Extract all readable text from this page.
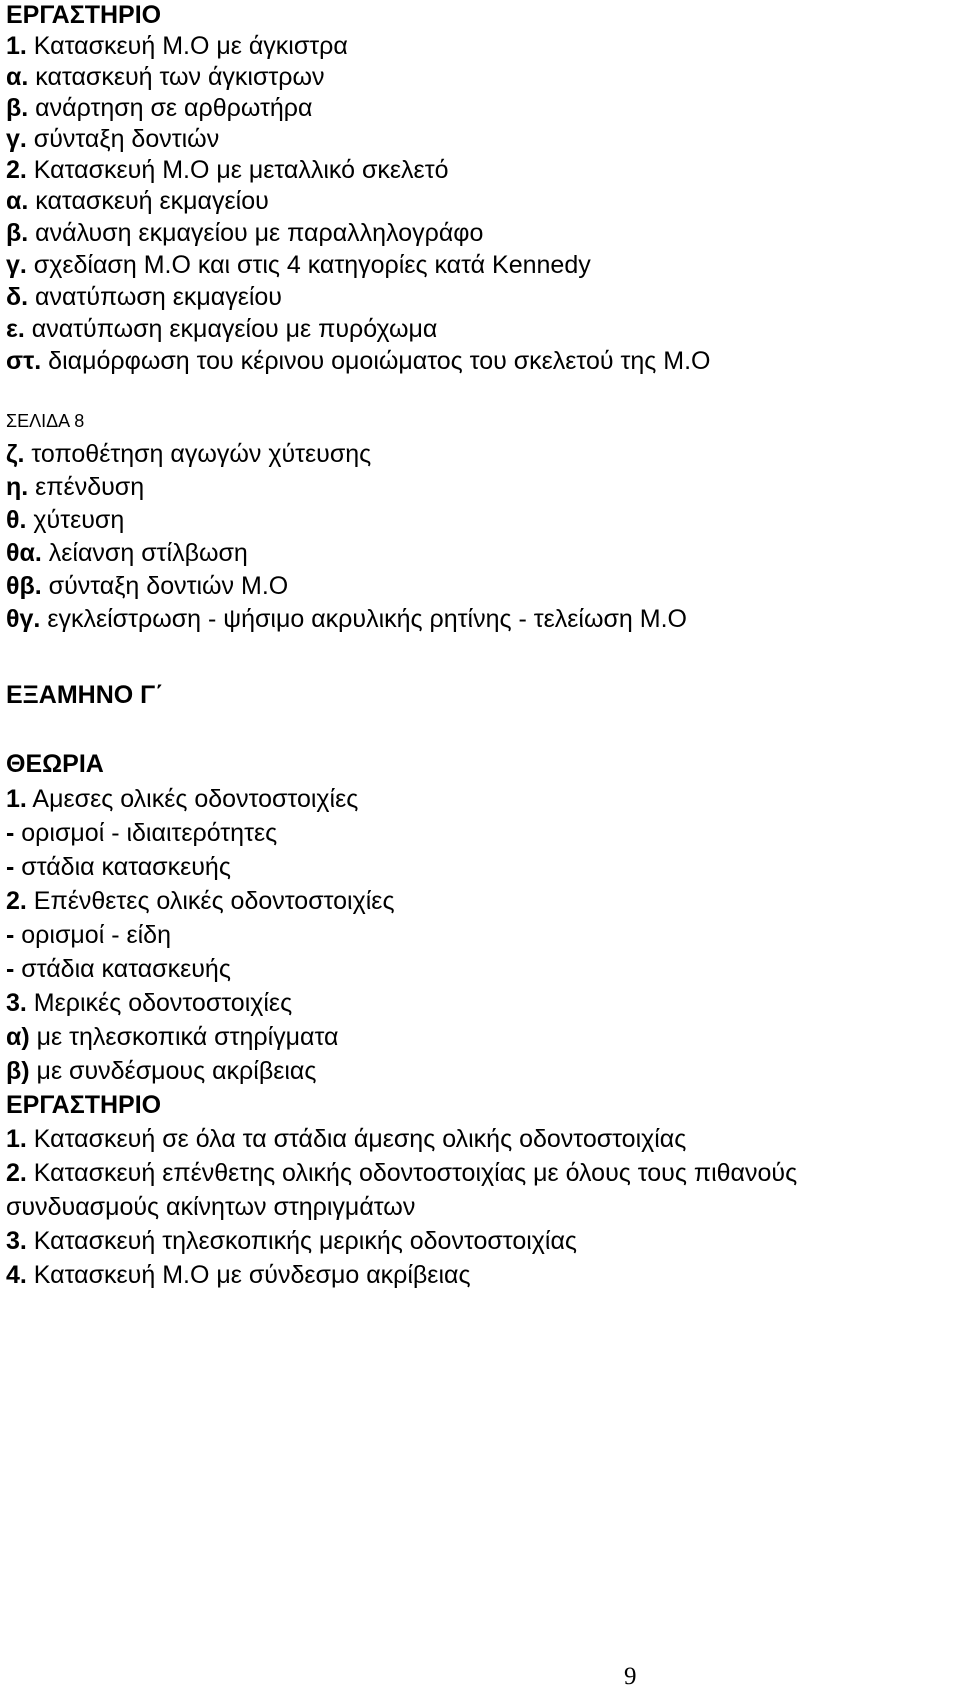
ΕΡΓΑΣΤΗΡΙΟ
1. Κατασκευή Μ.Ο με άγκιστρα
α. κατασκευή των άγκιστρων
β. ανάρτηση σε αρθρωτήρα
γ. σύνταξη δοντιών
2. Κατασκευή Μ.Ο με μεταλλικό σκελετό
α. κατασκευή εκμαγείου
β. ανάλυση εκμαγείου με παραλληλογράφο
γ. σχεδίαση Μ.Ο και στις 4 κατηγορίες κατά Kennedy
δ. ανατύπωση εκμαγείου
ε. ανατύπωση εκμαγείου με πυρόχωμα
στ. διαμόρφωση του κέρινου ομοιώματος του σκελετού της Μ.Ο
ΣΕΛΙΔΑ 8
ζ. τοποθέτηση αγωγών χύτευσης
η. επένδυση
θ. χύτευση
θα. λείανση στίλβωση
θβ. σύνταξη δοντιών Μ.Ο
θγ. εγκλείστρωση - ψήσιμο ακρυλικής ρητίνης - τελείωση Μ.Ο
ΕΞΑΜΗΝΟ Γ΄
ΘΕΩΡΙΑ
1. Αμεσες ολικές οδοντοστοιχίες
- ορισμοί - ιδιαιτερότητες
- στάδια κατασκευής
2. Επένθετες ολικές οδοντοστοιχίες
- ορισμοί - είδη
- στάδια κατασκευής
3. Μερικές οδοντοστοιχίες
α) με τηλεσκοπικά στηρίγματα
β) με συνδέσμους ακρίβειας
ΕΡΓΑΣΤΗΡΙΟ
1. Κατασκευή σε όλα τα στάδια άμεσης ολικής οδοντοστοιχίας
2. Κατασκευή επένθετης ολικής οδοντοστοιχίας με όλους τους πιθανούς
συνδυασμούς ακίνητων στηριγμάτων
3. Κατασκευή τηλεσκοπικής μερικής οδοντοστοιχίας
4. Κατασκευή Μ.Ο με σύνδεσμο ακρίβειας
9
